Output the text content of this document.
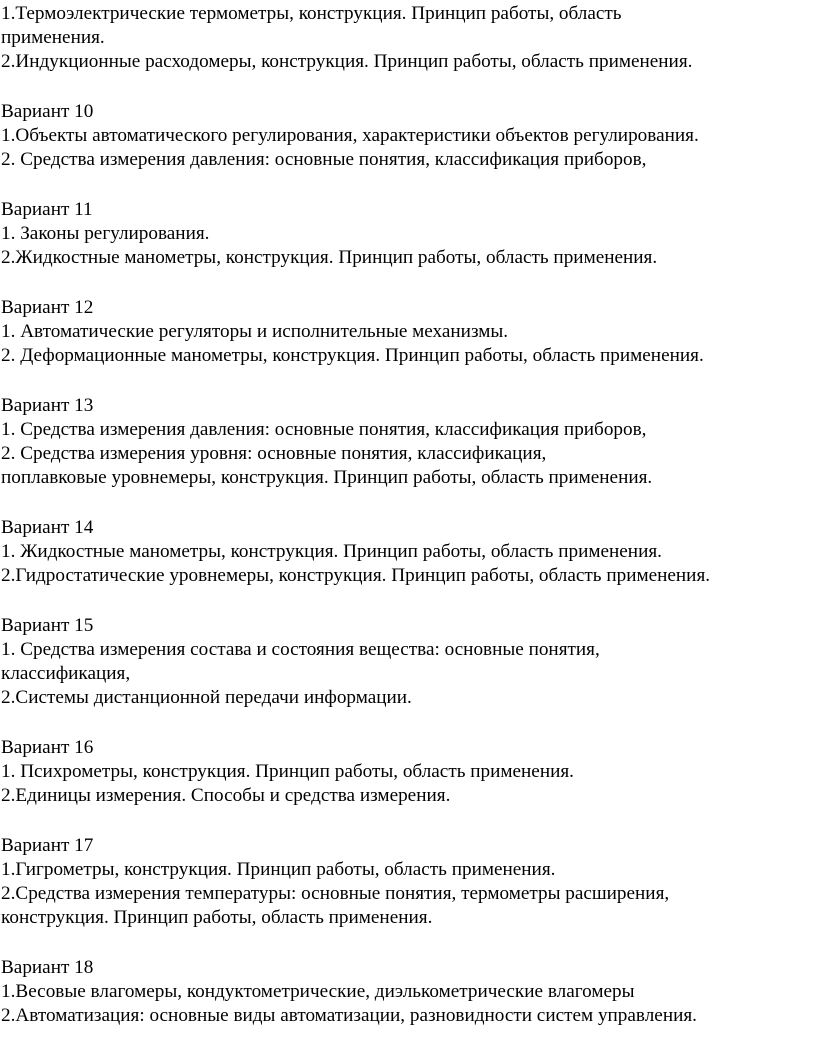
1.Термоэлектрические термометры, конструкция. Принцип работы, область

применения.

2.Индукционные расходомеры, конструкция. Принцип работы, область применения.

Вариант 10

1.Объекты автоматического регулирования, характеристики объектов регулирования.

2. Средства измерения давления: основные понятия, классификация приборов,

Вариант 11

1. Законы регулирования.

2.Жидкостные манометры, конструкция. Принцип работы, область применения.

Вариант 12

1. Автоматические регуляторы и исполнительные механизмы.

2. Деформационные манометры, конструкция. Принцип работы, область применения.

Вариант 13

1. Средства измерения давления: основные понятия, классификация приборов,

2. Средства измерения уровня: основные понятия, классификация,

поплавковые уровнемеры, конструкция. Принцип работы, область применения.

Вариант 14

1. Жидкостные манометры, конструкция. Принцип работы, область применения.

2.Гидростатические уровнемеры, конструкция. Принцип работы, область применения.

Вариант 15

1. Средства измерения состава и состояния вещества: основные понятия,

классификация,

2.Системы дистанционной передачи информации.

Вариант 16

1. Психрометры, конструкция. Принцип работы, область применения.

2.Единицы измерения. Способы и средства измерения.

Вариант 17

1.Гигрометры, конструкция. Принцип работы, область применения.

2.Средства измерения температуры: основные понятия, термометры расширения,

конструкция. Принцип работы, область применения.

Вариант 18

1.Весовые влагомеры, кондуктометрические, диэлькометрические влагомеры

2.Автоматизация: основные виды автоматизации, разновидности систем управления.
